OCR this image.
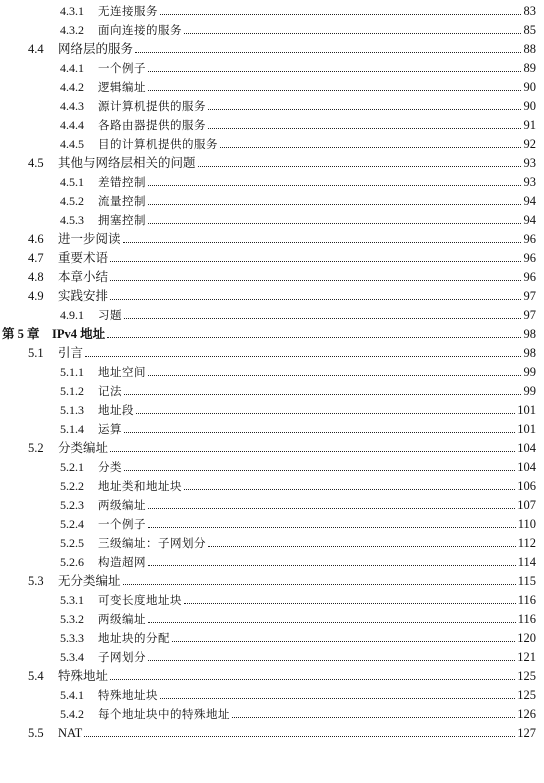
4.3.1 无连接服务	83
4.3.2 面向连接的服务	85
4.4 网络层的服务	88
4.4.1 一个例子	89
4.4.2 逻辑编址	90
4.4.3 源计算机提供的服务	90
4.4.4 各路由器提供的服务	91
4.4.5 目的计算机提供的服务	92
4.5 其他与网络层相关的问题	93
4.5.1 差错控制	93
4.5.2 流量控制	94
4.5.3 拥塞控制	94
4.6 进一步阅读	96
4.7 重要术语	96
4.8 本章小结	96
4.9 实践安排	97
4.9.1 习题	97
第 5 章 IPv4 地址	98
5.1 引言	98
5.1.1 地址空间	99
5.1.2 记法	99
5.1.3 地址段	101
5.1.4 运算	101
5.2 分类编址	104
5.2.1 分类	104
5.2.2 地址类和地址块	106
5.2.3 两级编址	107
5.2.4 一个例子	110
5.2.5 三级编址：子网划分	112
5.2.6 构造超网	114
5.3 无分类编址	115
5.3.1 可变长度地址块	116
5.3.2 两级编址	116
5.3.3 地址块的分配	120
5.3.4 子网划分	121
5.4 特殊地址	125
5.4.1 特殊地址块	125
5.4.2 每个地址块中的特殊地址	126
5.5 NAT	127
